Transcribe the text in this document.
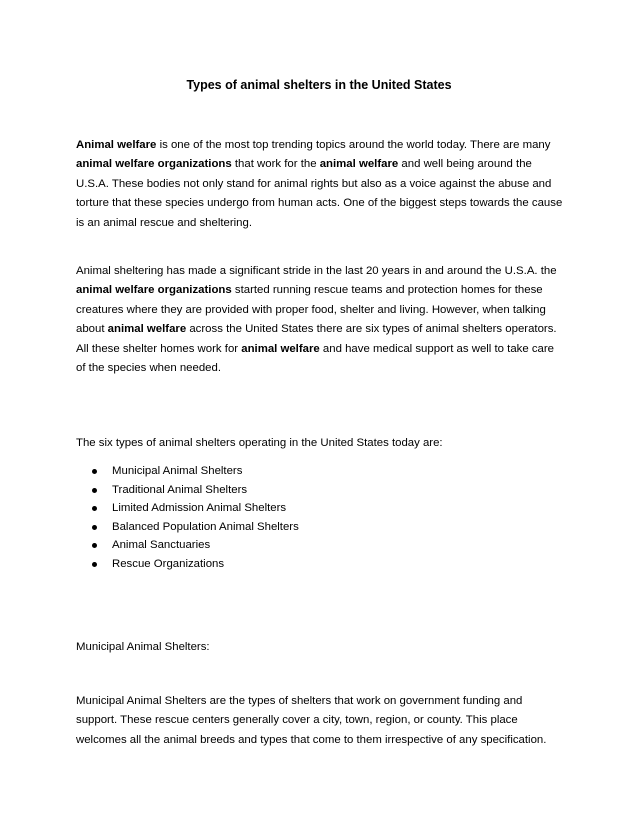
Types of animal shelters in the United States

Animal welfare is one of the most top trending topics around the world today. There are many animal welfare organizations that work for the animal welfare and well being around the U.S.A. These bodies not only stand for animal rights but also as a voice against the abuse and torture that these species undergo from human acts. One of the biggest steps towards the cause is an animal rescue and sheltering.

Animal sheltering has made a significant stride in the last 20 years in and around the U.S.A. the animal welfare organizations started running rescue teams and protection homes for these creatures where they are provided with proper food, shelter and living. However, when talking about animal welfare across the United States there are six types of animal shelters operators. All these shelter homes work for animal welfare and have medical support as well to take care of the species when needed.

The six types of animal shelters operating in the United States today are:

Municipal Animal Shelters
Traditional Animal Shelters
Limited Admission Animal Shelters
Balanced Population Animal Shelters
Animal Sanctuaries
Rescue Organizations

Municipal Animal Shelters:

Municipal Animal Shelters are the types of shelters that work on government funding and support. These rescue centers generally cover a city, town, region, or county. This place welcomes all the animal breeds and types that come to them irrespective of any specification.
